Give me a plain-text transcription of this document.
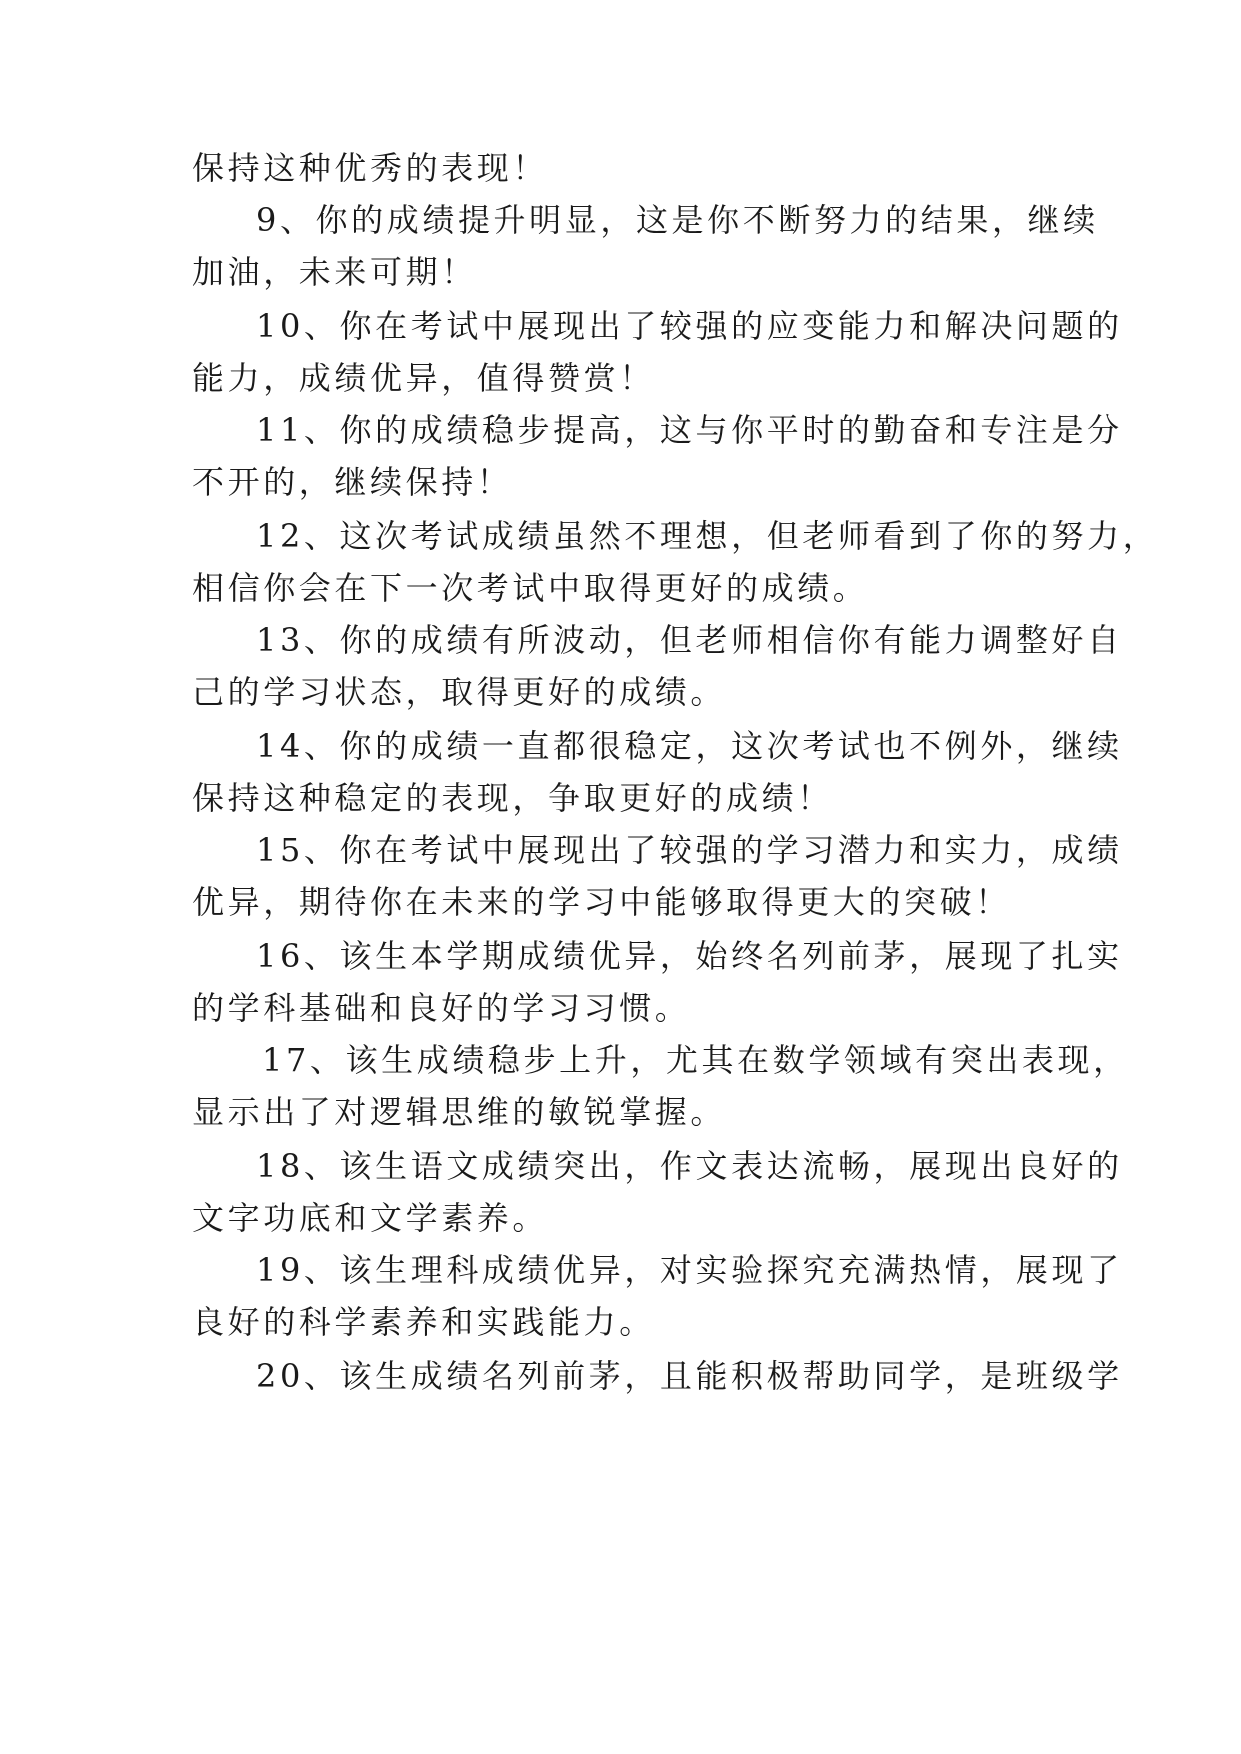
保持这种优秀的表现！
9、你的成绩提升明显，这是你不断努力的结果，继续
加油，未来可期！
10、你在考试中展现出了较强的应变能力和解决问题的
能力，成绩优异，值得赞赏！
11、你的成绩稳步提高，这与你平时的勤奋和专注是分
不开的，继续保持！
12、这次考试成绩虽然不理想，但老师看到了你的努力，
相信你会在下一次考试中取得更好的成绩。
13、你的成绩有所波动，但老师相信你有能力调整好自
己的学习状态，取得更好的成绩。
14、你的成绩一直都很稳定，这次考试也不例外，继续
保持这种稳定的表现，争取更好的成绩！
15、你在考试中展现出了较强的学习潜力和实力，成绩
优异，期待你在未来的学习中能够取得更大的突破！
16、该生本学期成绩优异，始终名列前茅，展现了扎实
的学科基础和良好的学习习惯。
17、该生成绩稳步上升，尤其在数学领域有突出表现，
显示出了对逻辑思维的敏锐掌握。
18、该生语文成绩突出，作文表达流畅，展现出良好的
文字功底和文学素养。
19、该生理科成绩优异，对实验探究充满热情，展现了
良好的科学素养和实践能力。
20、该生成绩名列前茅，且能积极帮助同学，是班级学
